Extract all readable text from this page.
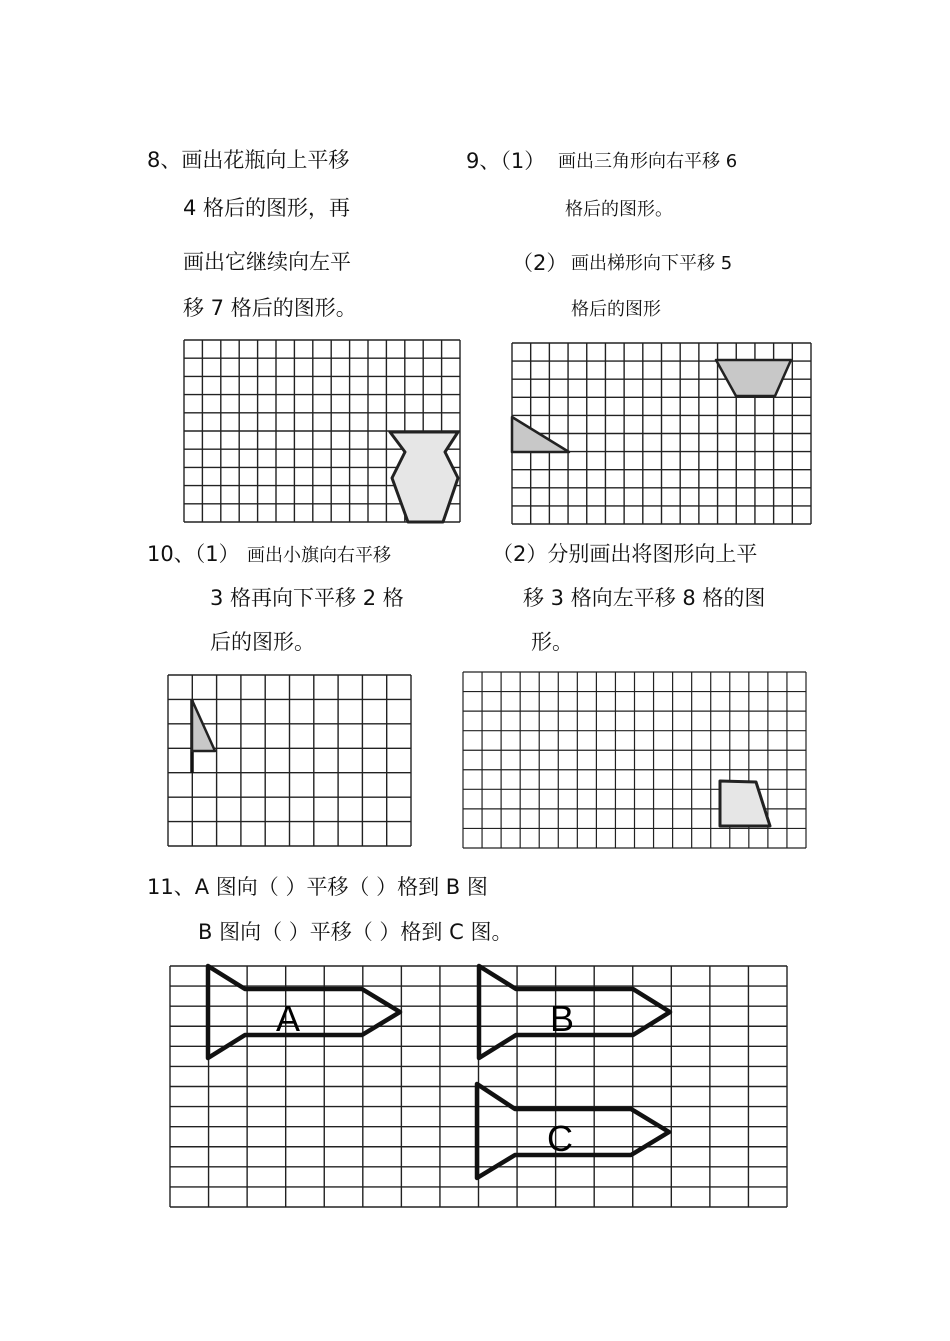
8、画出花瓶向上平移
4 格后的图形，再
画出它继续向左平
移 7 格后的图形。
9、（1） 画出三角形向右平移 6
格后的图形。
（2） 画出梯形向下平移 5
格后的图形
10、（1） 画出小旗向右平移
3 格再向下平移 2 格
后的图形。
（2）分别画出将图形向上平
移 3 格向左平移 8 格的图
形。
11、A 图向（ ）平移（ ）格到 B 图
B 图向（ ）平移（ ）格到 C 图。
A	B
C
